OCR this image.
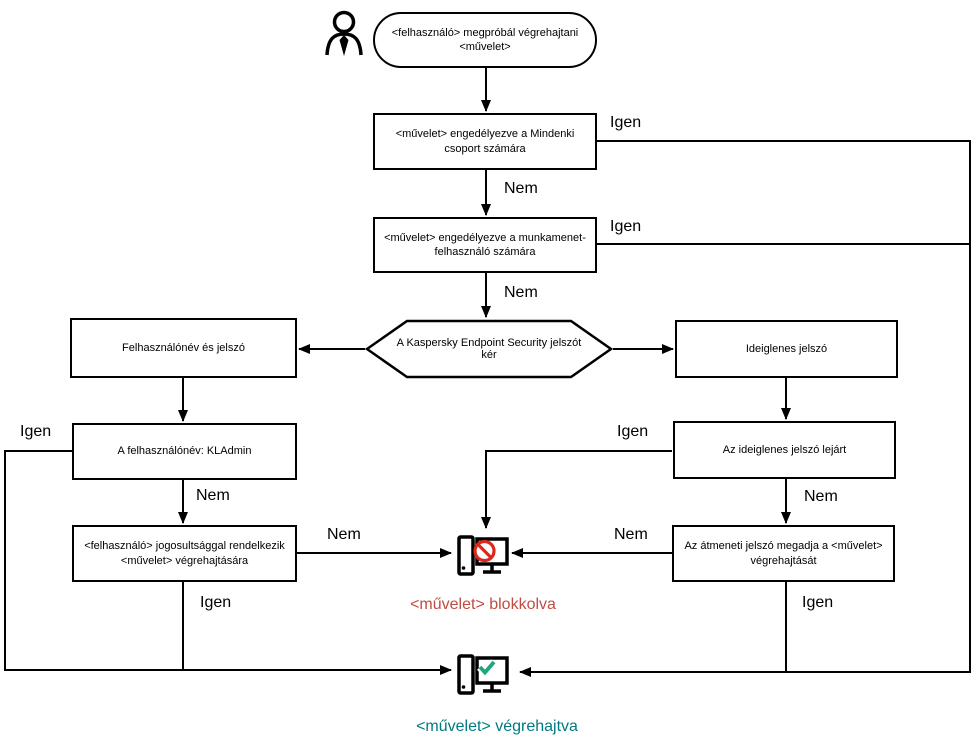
<felhasználó> megpróbál végrehajtani <művelet>
<művelet> engedélyezve a Mindenki csoport számára
<művelet> engedélyezve a munkamenet-felhasználó számára
A Kaspersky Endpoint Security jelszót kér
Felhasználónév és jelszó	Ideiglenes jelszó
A felhasználónév: KLAdmin
<felhasználó> jogosultsággal rendelkezik <művelet> végrehajtására
Az ideiglenes jelszó lejárt
Az átmeneti jelszó megadja a <művelet> végrehajtását
Igen
Nem
Igen
Nem
Igen
Nem
Nem
Igen
Igen
Nem
Nem
Igen
<művelet> blokkolva
<művelet> végrehajtva
